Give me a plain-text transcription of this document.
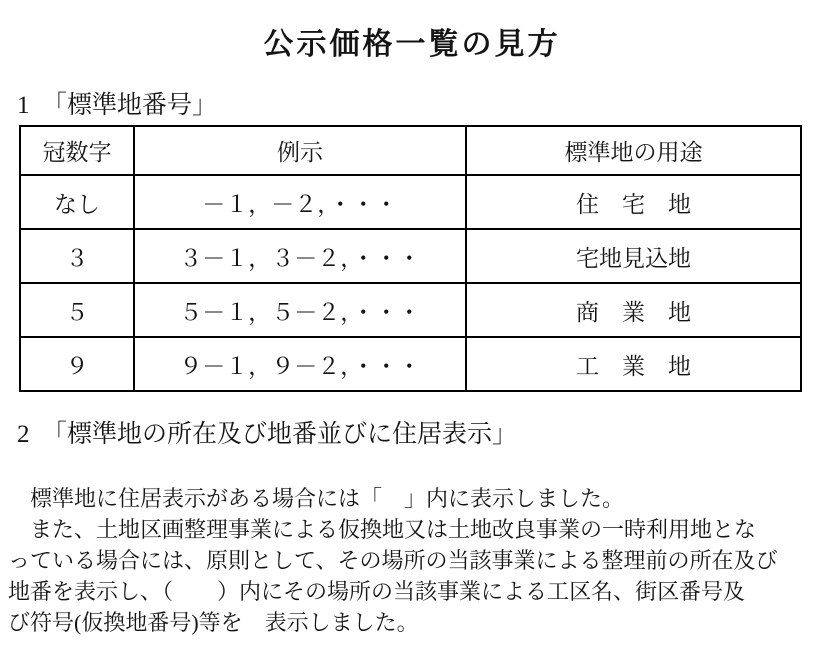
公示価格一覧の見方
1　「標準地番号」
冠数字	例示	標準地の用途
なし	－１，－２，・・・	住　宅　地
３	３－１，３－２，・・・	宅地見込地
５	５－１，５－２，・・・	商　業　地
９	９－１，９－２，・・・	工　業　地
2　「標準地の所在及び地番並びに住居表示」
　標準地に住居表示がある場合には「　」内に表示しました。
　また、土地区画整理事業による仮換地又は土地改良事業の一時利用地とな
っている場合には、原則として、その場所の当該事業による整理前の所在及び
地番を表示し、（　　）内にその場所の当該事業による工区名、街区番号及
び符号(仮換地番号)等を　表示しました。
